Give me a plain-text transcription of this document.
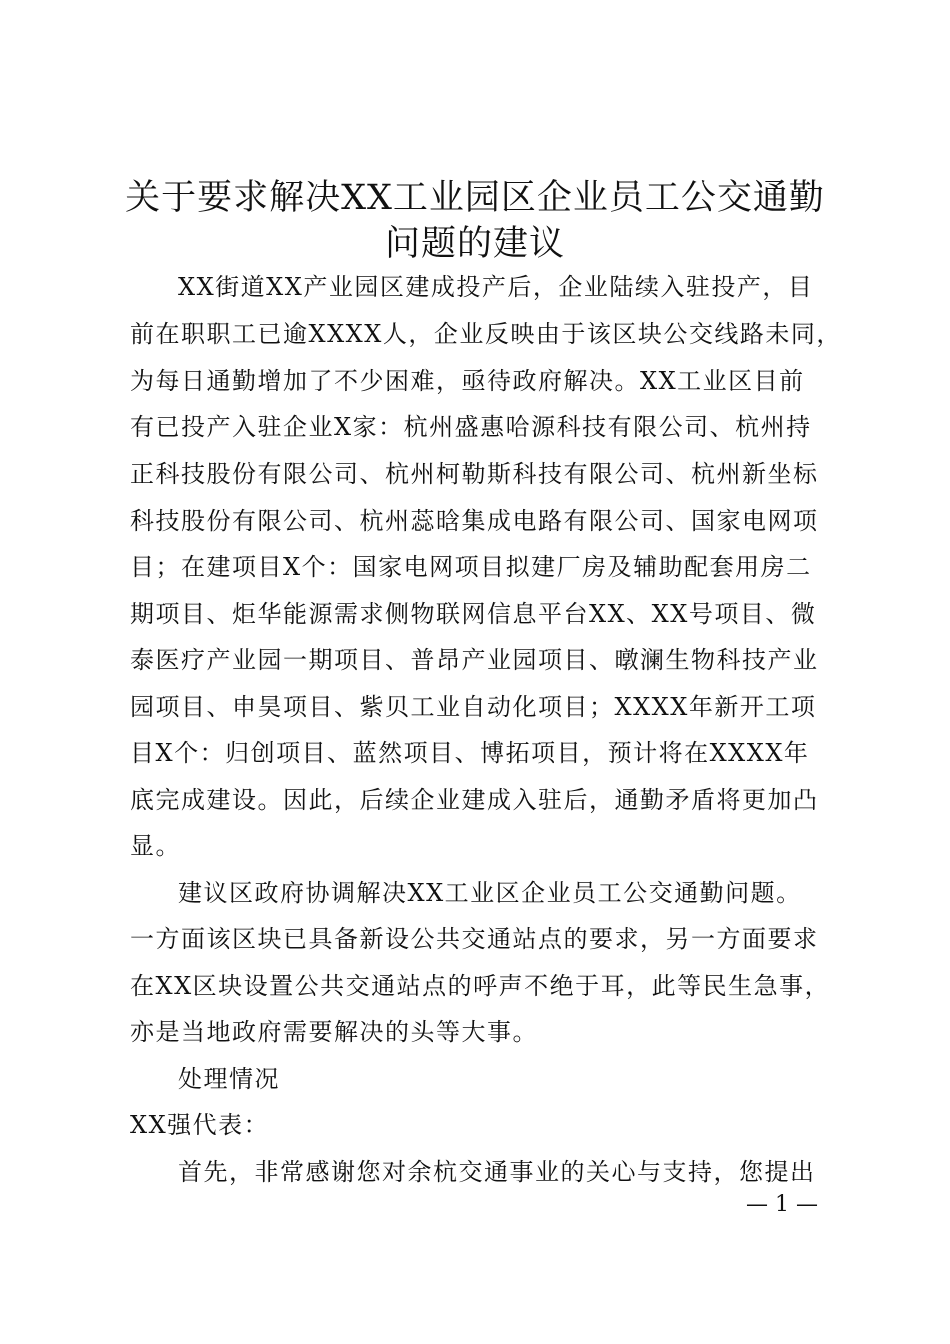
关于要求解决XX工业园区企业员工公交通勤
问题的建议
XX街道XX产业园区建成投产后，企业陆续入驻投产，目
前在职职工已逾XXXX人，企业反映由于该区块公交线路未同，
为每日通勤增加了不少困难，亟待政府解决。XX工业区目前
有已投产入驻企业X家：杭州盛惠哈源科技有限公司、杭州持
正科技股份有限公司、杭州柯勒斯科技有限公司、杭州新坐标
科技股份有限公司、杭州蕊晗集成电路有限公司、国家电网项
目；在建项目X个：国家电网项目拟建厂房及辅助配套用房二
期项目、炬华能源需求侧物联网信息平台XX、XX号项目、微
泰医疗产业园一期项目、普昂产业园项目、暾澜生物科技产业
园项目、申昊项目、紫贝工业自动化项目；XXXX年新开工项
目X个：归创项目、蓝然项目、博拓项目，预计将在XXXX年
底完成建设。因此，后续企业建成入驻后，通勤矛盾将更加凸
显。
建议区政府协调解决XX工业区企业员工公交通勤问题。
一方面该区块已具备新设公共交通站点的要求，另一方面要求
在XX区块设置公共交通站点的呼声不绝于耳，此等民生急事，
亦是当地政府需要解决的头等大事。
处理情况
XX强代表：
首先，非常感谢您对余杭交通事业的关心与支持，您提出
— 1 —
